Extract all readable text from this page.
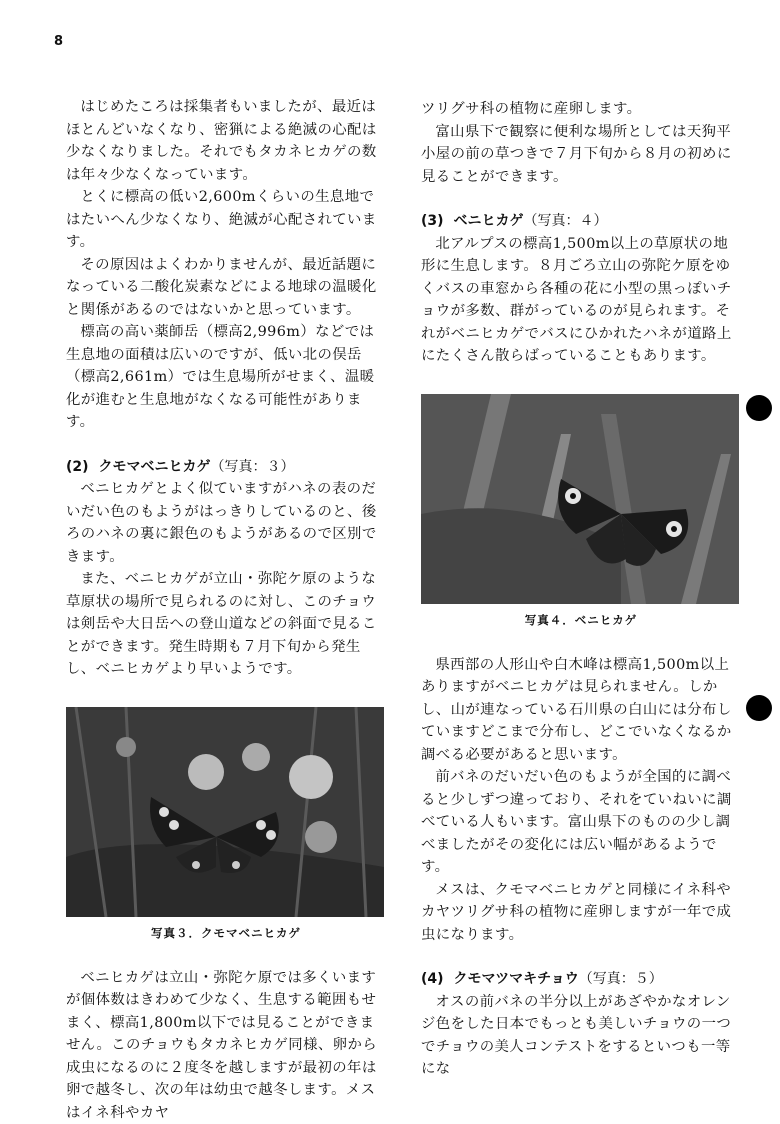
8

はじめたころは採集者もいましたが、最近はほとんどいなくなり、密猟による絶滅の心配は少なくなりました。それでもタカネヒカゲの数は年々少なくなっています。

とくに標高の低い2,600mくらいの生息地ではたいへん少なくなり、絶滅が心配されています。

その原因はよくわかりませんが、最近話題になっている二酸化炭素などによる地球の温暖化と関係があるのではないかと思っています。

標高の高い薬師岳（標高2,996m）などでは生息地の面積は広いのですが、低い北の俣岳（標高2,661m）では生息場所がせまく、温暖化が進むと生息地がなくなる可能性があります。

(2) クモマベニヒカゲ（写真：３）

ベニヒカゲとよく似ていますがハネの表のだいだい色のもようがはっきりしているのと、後ろのハネの裏に銀色のもようがあるので区別できます。

また、ベニヒカゲが立山・弥陀ケ原のような草原状の場所で見られるのに対し、このチョウは剣岳や大日岳への登山道などの斜面で見ることができます。発生時期も７月下旬から発生し、ベニヒカゲより早いようです。

写真３．クモマベニヒカゲ

ベニヒカゲは立山・弥陀ケ原では多くいますが個体数はきわめて少なく、生息する範囲もせまく、標高1,800m以下では見ることができません。このチョウもタカネヒカゲ同様、卵から成虫になるのに２度冬を越しますが最初の年は卵で越冬し、次の年は幼虫で越冬します。メスはイネ科やカヤ

ツリグサ科の植物に産卵します。

富山県下で観察に便利な場所としては天狗平小屋の前の草つきで７月下旬から８月の初めに見ることができます。

(3) ベニヒカゲ（写真：４）

北アルプスの標高1,500m以上の草原状の地形に生息します。８月ごろ立山の弥陀ケ原をゆくバスの車窓から各種の花に小型の黒っぽいチョウが多数、群がっているのが見られます。それがベニヒカゲでバスにひかれたハネが道路上にたくさん散らばっていることもあります。

写真４．ベニヒカゲ

県西部の人形山や白木峰は標高1,500m以上ありますがベニヒカゲは見られません。しかし、山が連なっている石川県の白山には分布していますどこまで分布し、どこでいなくなるか調べる必要があると思います。

前バネのだいだい色のもようが全国的に調べると少しずつ違っており、それをていねいに調べている人もいます。富山県下のものの少し調べましたがその変化には広い幅があるようです。

メスは、クモマベニヒカゲと同様にイネ科やカヤツリグサ科の植物に産卵しますが一年で成虫になります。

(4) クモマツマキチョウ（写真：５）

オスの前バネの半分以上があざやかなオレンジ色をした日本でもっとも美しいチョウの一つでチョウの美人コンテストをするといつも一等にな
